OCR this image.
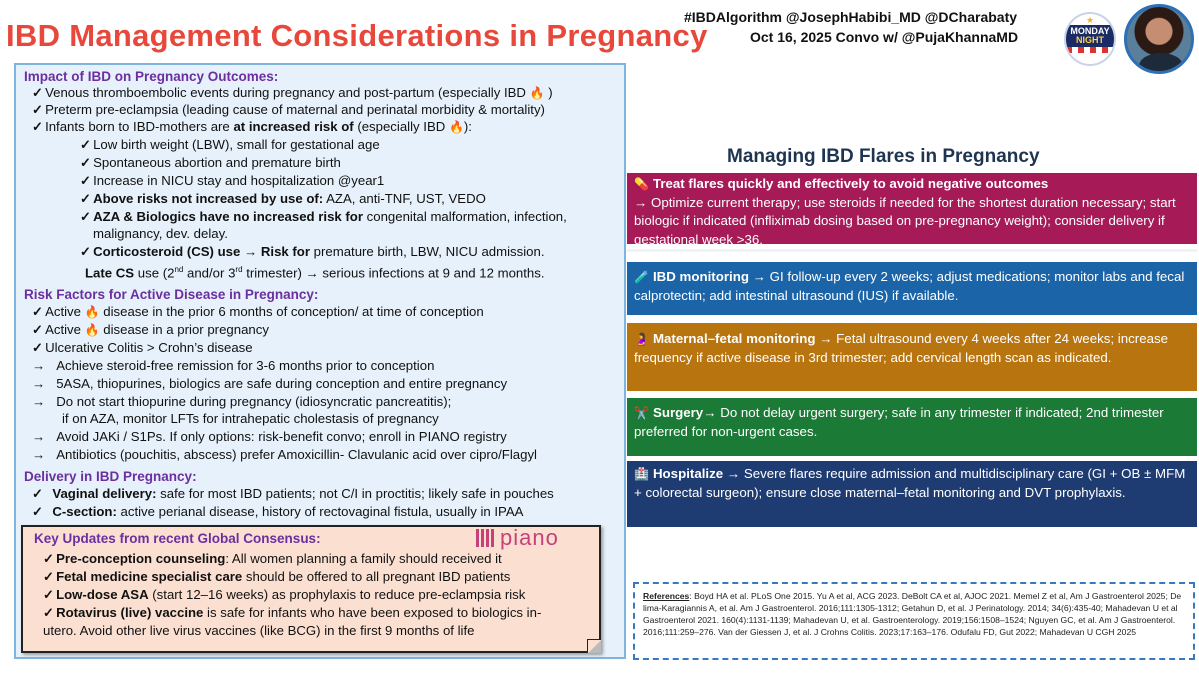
IBD Management Considerations in Pregnancy
#IBDAlgorithm @JosephHabibi_MD @DCharabaty
Oct 16, 2025 Convo w/ @PujaKhannaMD
★
MONDAY
NIGHT
Impact of IBD on Pregnancy Outcomes:
✓ Venous thromboembolic events during pregnancy and post-partum (especially IBD 🔥 )
✓ Preterm pre-eclampsia (leading cause of maternal and perinatal morbidity & mortality)
✓ Infants born to IBD-mothers are at increased risk of (especially IBD 🔥):
✓ Low birth weight (LBW), small for gestational age
✓ Spontaneous abortion and premature birth
✓ Increase in NICU stay and hospitalization @year1
✓ Above risks not increased by use of: AZA, anti-TNF, UST, VEDO
✓ AZA & Biologics have no increased risk for congenital malformation, infection,
malignancy, dev. delay.
✓ Corticosteroid (CS) use → Risk for premature birth, LBW, NICU admission.
Late CS use (2nd and/or 3rd trimester) → serious infections at 9 and 12 months.
Risk Factors for Active Disease in Pregnancy:
✓ Active 🔥 disease in the prior 6 months of conception/ at time of conception
✓ Active 🔥 disease in a prior pregnancy
✓ Ulcerative Colitis > Crohn’s disease
→ Achieve steroid-free remission for 3-6 months prior to conception
→ 5ASA, thiopurines, biologics are safe during conception and entire pregnancy
→ Do not start thiopurine during pregnancy (idiosyncratic pancreatitis);
if on AZA, monitor LFTs for intrahepatic cholestasis of pregnancy
→ Avoid JAKi / S1Ps. If only options: risk-benefit convo; enroll in PIANO registry
→ Antibiotics (pouchitis, abscess) prefer Amoxicillin- Clavulanic acid over cipro/Flagyl
Delivery in IBD Pregnancy:
✓ Vaginal delivery: safe for most IBD patients; not C/I in proctitis; likely safe in pouches
✓ C-section: active perianal disease, history of rectovaginal fistula, usually in IPAA
Key Updates from recent Global Consensus:	piano
✓ Pre-conception counseling: All women planning a family should received it
✓ Fetal medicine specialist care should be offered to all pregnant IBD patients
✓ Low-dose ASA (start 12–16 weeks) as prophylaxis to reduce pre-eclampsia risk
✓ Rotavirus (live) vaccine is safe for infants who have been exposed to biologics in-
utero. Avoid other live virus vaccines (like BCG) in the first 9 months of life
Managing IBD Flares in Pregnancy
💊 Treat flares quickly and effectively to avoid negative outcomes
→ Optimize current therapy; use steroids if needed for the shortest duration necessary; start biologic if indicated (infliximab dosing based on pre-pregnancy weight); consider delivery if gestational week >36.
🧪 IBD monitoring → GI follow-up every 2 weeks; adjust medications; monitor labs and fecal calprotectin; add intestinal ultrasound (IUS) if available.
🤰 Maternal–fetal monitoring → Fetal ultrasound every 4 weeks after 24 weeks; increase frequency if active disease in 3rd trimester; add cervical length scan as indicated.
✂️ Surgery→ Do not delay urgent surgery; safe in any trimester if indicated; 2nd trimester preferred for non-urgent cases.
🏥 Hospitalize → Severe flares require admission and multidisciplinary care (GI + OB ± MFM + colorectal surgeon); ensure close maternal–fetal monitoring and DVT prophylaxis.
References: Boyd HA et al. PLoS One 2015. Yu A et al, ACG 2023. DeBolt CA et al, AJOC 2021. Memel Z et al, Am J Gastroenterol 2025; De lima-Karagiannis A, et al. Am J Gastroenterol. 2016;111:1305-1312; Getahun D, et al. J Perinatology. 2014; 34(6):435-40; Mahadevan U et al Gastroenterol 2021. 160(4):1131-1139; Mahadevan U, et al. Gastroenterology. 2019;156:1508–1524; Nguyen GC, et al. Am J Gastroenterol. 2016;111:259–276. Van der Giessen J, et al. J Crohns Colitis. 2023;17:163–176. Odufalu FD, Gut 2022; Mahadevan U CGH 2025
